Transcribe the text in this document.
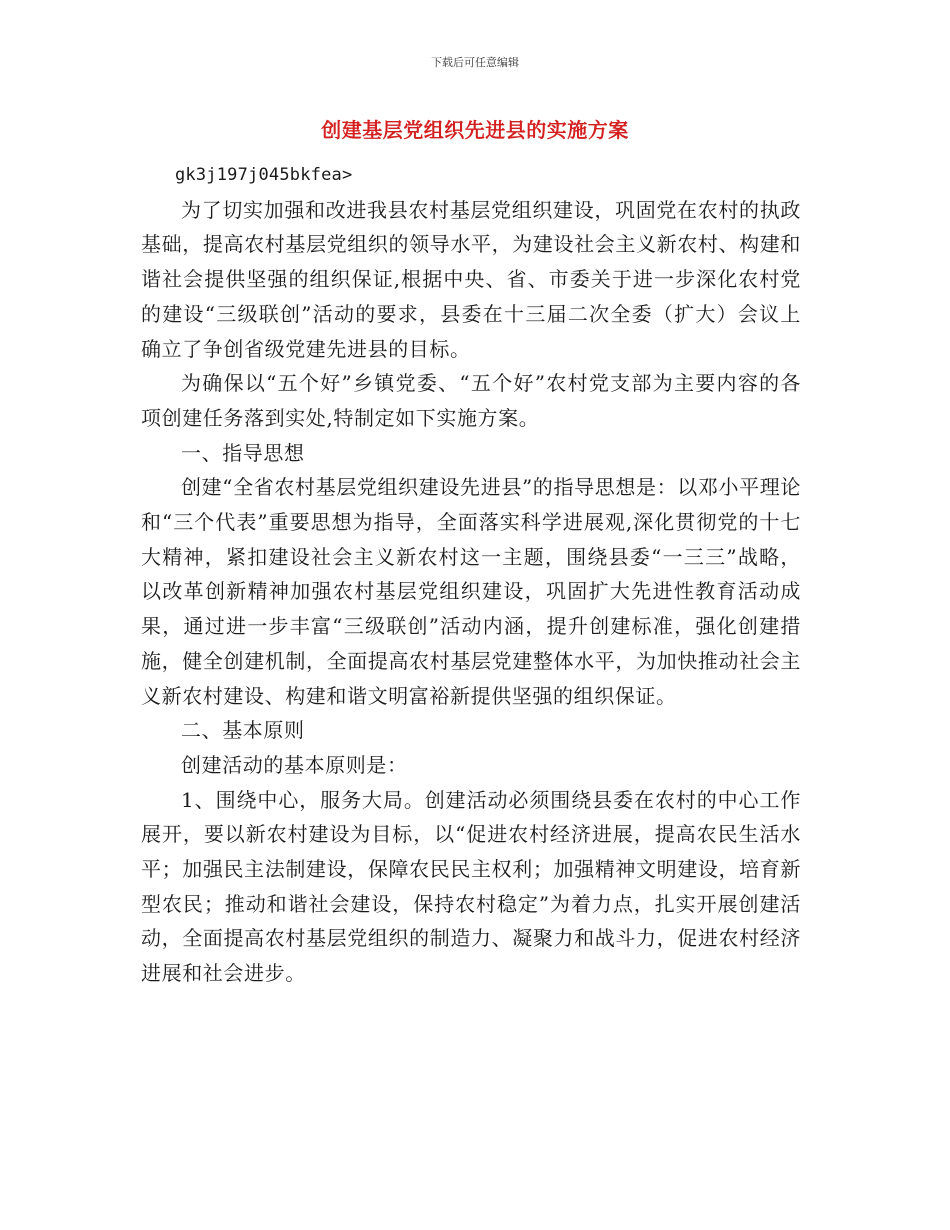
下载后可任意编辑
创建基层党组织先进县的实施方案

gk3j197j045bkfea>

为了切实加强和改进我县农村基层党组织建设，巩固党在农村的执政基础，提高农村基层党组织的领导水平，为建设社会主义新农村、构建和谐社会提供坚强的组织保证,根据中央、省、市委关于进一步深化农村党的建设“三级联创”活动的要求，县委在十三届二次全委（扩大）会议上确立了争创省级党建先进县的目标。

为确保以“五个好”乡镇党委、“五个好”农村党支部为主要内容的各项创建任务落到实处,特制定如下实施方案。

一、指导思想

创建“全省农村基层党组织建设先进县”的指导思想是：以邓小平理论和“三个代表”重要思想为指导，全面落实科学进展观,深化贯彻党的十七大精神，紧扣建设社会主义新农村这一主题，围绕县委“一三三”战略，以改革创新精神加强农村基层党组织建设，巩固扩大先进性教育活动成果，通过进一步丰富“三级联创”活动内涵，提升创建标准，强化创建措施，健全创建机制，全面提高农村基层党建整体水平，为加快推动社会主义新农村建设、构建和谐文明富裕新提供坚强的组织保证。

二、基本原则

创建活动的基本原则是：

1、围绕中心，服务大局。创建活动必须围绕县委在农村的中心工作展开，要以新农村建设为目标，以“促进农村经济进展，提高农民生活水平；加强民主法制建设，保障农民民主权利；加强精神文明建设，培育新型农民；推动和谐社会建设，保持农村稳定”为着力点，扎实开展创建活动，全面提高农村基层党组织的制造力、凝聚力和战斗力，促进农村经济进展和社会进步。
